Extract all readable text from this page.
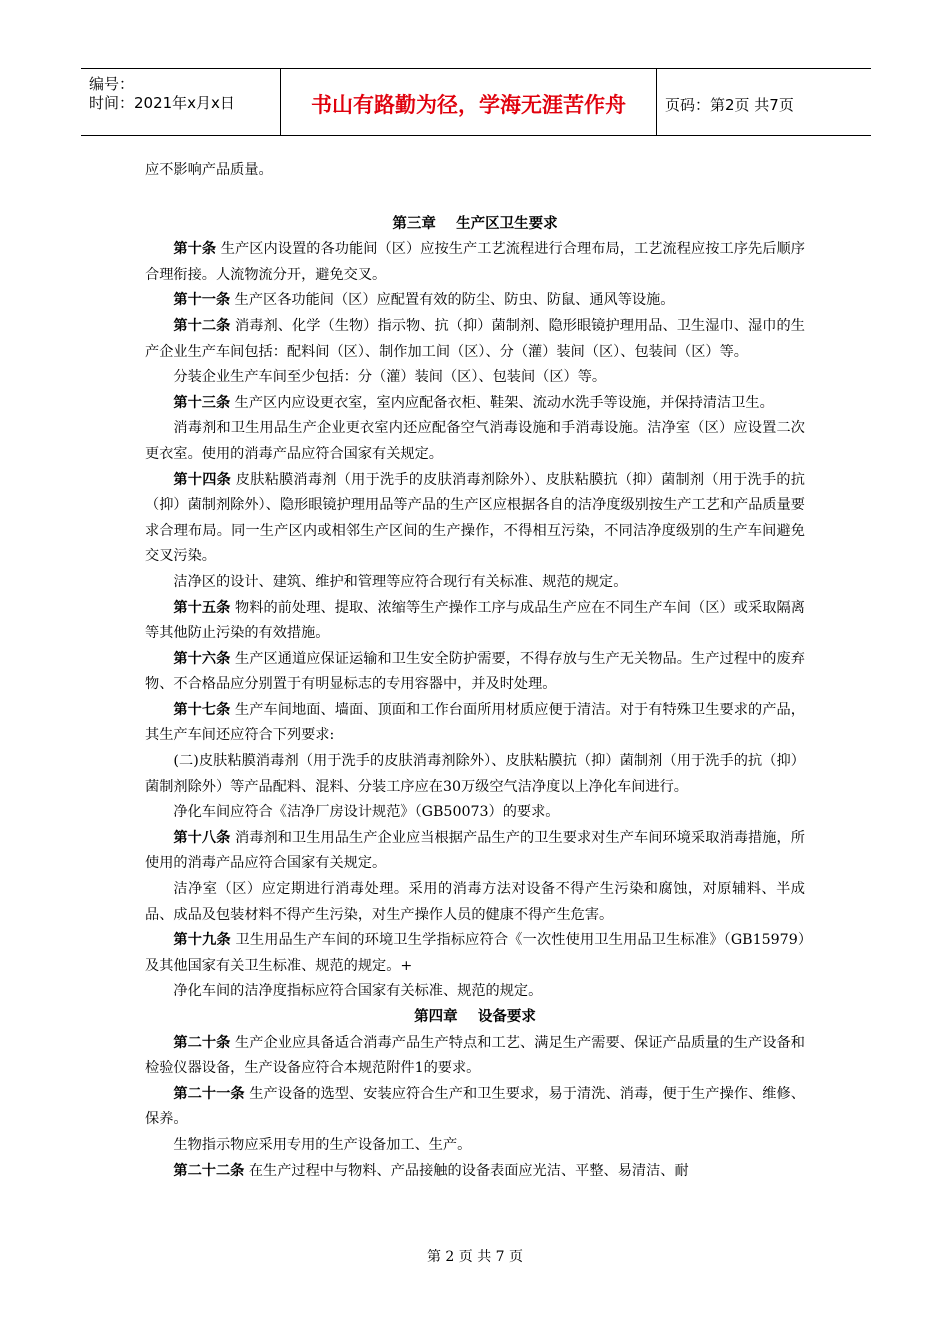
编号：
时间：2021年x月x日	书山有路勤为径，学海无涯苦作舟	页码：第2页 共7页

应不影响产品质量。

第三章    生产区卫生要求

第十条 生产区内设置的各功能间（区）应按生产工艺流程进行合理布局，工艺流程应按工序先后顺序合理衔接。人流物流分开，避免交叉。

第十一条 生产区各功能间（区）应配置有效的防尘、防虫、防鼠、通风等设施。

第十二条 消毒剂、化学（生物）指示物、抗（抑）菌制剂、隐形眼镜护理用品、卫生湿巾、湿巾的生产企业生产车间包括：配料间（区）、制作加工间（区）、分（灌）装间（区）、包装间（区）等。

分装企业生产车间至少包括：分（灌）装间（区）、包装间（区）等。

第十三条 生产区内应设更衣室，室内应配备衣柜、鞋架、流动水洗手等设施，并保持清洁卫生。

消毒剂和卫生用品生产企业更衣室内还应配备空气消毒设施和手消毒设施。洁净室（区）应设置二次更衣室。使用的消毒产品应符合国家有关规定。

第十四条 皮肤粘膜消毒剂（用于洗手的皮肤消毒剂除外）、皮肤粘膜抗（抑）菌制剂（用于洗手的抗（抑）菌制剂除外）、隐形眼镜护理用品等产品的生产区应根据各自的洁净度级别按生产工艺和产品质量要求合理布局。同一生产区内或相邻生产区间的生产操作，不得相互污染，不同洁净度级别的生产车间避免交叉污染。

洁净区的设计、建筑、维护和管理等应符合现行有关标准、规范的规定。

第十五条 物料的前处理、提取、浓缩等生产操作工序与成品生产应在不同生产车间（区）或采取隔离等其他防止污染的有效措施。

第十六条 生产区通道应保证运输和卫生安全防护需要，不得存放与生产无关物品。生产过程中的废弃物、不合格品应分别置于有明显标志的专用容器中，并及时处理。

第十七条 生产车间地面、墙面、顶面和工作台面所用材质应便于清洁。对于有特殊卫生要求的产品，其生产车间还应符合下列要求:

(二)皮肤粘膜消毒剂（用于洗手的皮肤消毒剂除外）、皮肤粘膜抗（抑）菌制剂（用于洗手的抗（抑）菌制剂除外）等产品配料、混料、分装工序应在30万级空气洁净度以上净化车间进行。

净化车间应符合《洁净厂房设计规范》（GB50073）的要求。

第十八条 消毒剂和卫生用品生产企业应当根据产品生产的卫生要求对生产车间环境采取消毒措施，所使用的消毒产品应符合国家有关规定。

洁净室（区）应定期进行消毒处理。采用的消毒方法对设备不得产生污染和腐蚀，对原辅料、半成品、成品及包装材料不得产生污染，对生产操作人员的健康不得产生危害。

第十九条 卫生用品生产车间的环境卫生学指标应符合《一次性使用卫生用品卫生标准》（GB15979）及其他国家有关卫生标准、规范的规定。+

净化车间的洁净度指标应符合国家有关标准、规范的规定。

第四章    设备要求

第二十条 生产企业应具备适合消毒产品生产特点和工艺、满足生产需要、保证产品质量的生产设备和检验仪器设备，生产设备应符合本规范附件1的要求。

第二十一条 生产设备的选型、安装应符合生产和卫生要求，易于清洗、消毒，便于生产操作、维修、保养。

生物指示物应采用专用的生产设备加工、生产。

第二十二条 在生产过程中与物料、产品接触的设备表面应光洁、平整、易清洁、耐

第 2 页 共 7 页
